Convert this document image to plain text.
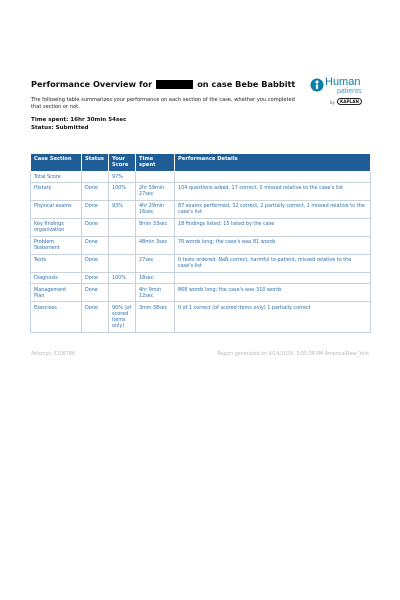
Performance Overview for	on case Bebe Babbitt	Human
patients
by	KAPLAN
The following table summarizes your performance on each section of the case, whether you completed that section or not.
Time spent: 16hr 30min 54sec
Status: Submitted
Case Section	Status	Your Score	Time spent	Performance Details
Total Score		97%		
History	Done	100%	2hr 59min 27sec	104 questions asked, 17 correct, 0 missed relative to the case's list
Physical exams	Done	93%	4hr 29min 16sec	87 exams performed, 32 correct, 2 partially correct, 1 missed relative to the case's list
Key findings organization	Done		8min 33sec	18 findings listed; 15 listed by the case
Problem Statement	Done		48min 3sec	70 words long; the case's was 81 words
Tests	Done		27sec	0 tests ordered, NaN correct, harmful to patient, missed relative to the case's list
Diagnosis	Done	100%	18sec	
Management Plan	Done		4hr 9min 12sec	868 words long; the case's was 310 words
Exercises	Done	90% (of scored items only)	3min 38sec	0 of 1 correct (of scored items only) 1 partially correct
Attempt: 3106786	Report generated on 4/14/2024, 3:05:39 PM America/New_York
